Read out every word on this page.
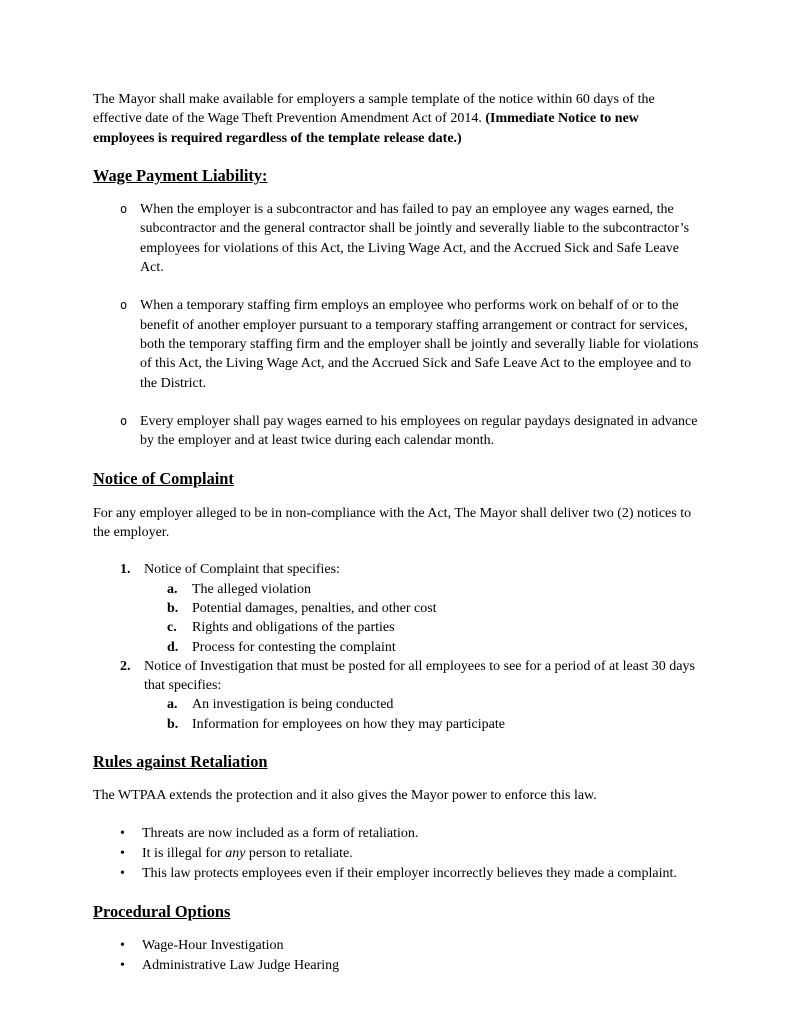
The Mayor shall make available for employers a sample template of the notice within 60 days of the effective date of the Wage Theft Prevention Amendment Act of 2014. (Immediate Notice to new employees is required regardless of the template release date.)

Wage Payment Liability:
o When the employer is a subcontractor and has failed to pay an employee any wages earned, the subcontractor and the general contractor shall be jointly and severally liable to the subcontractor’s employees for violations of this Act, the Living Wage Act, and the Accrued Sick and Safe Leave Act.
o When a temporary staffing firm employs an employee who performs work on behalf of or to the benefit of another employer pursuant to a temporary staffing arrangement or contract for services, both the temporary staffing firm and the employer shall be jointly and severally liable for violations of this Act, the Living Wage Act, and the Accrued Sick and Safe Leave Act to the employee and to the District.
o Every employer shall pay wages earned to his employees on regular paydays designated in advance by the employer and at least twice during each calendar month.
Notice of Complaint

For any employer alleged to be in non-compliance with the Act, The Mayor shall deliver two (2) notices to the employer.

1. Notice of Complaint that specifies:
a.	The alleged violation
b. Potential damages, penalties, and other cost
c.	Rights and obligations of the parties
d. Process for contesting the complaint
2. Notice of Investigation that must be posted for all employees to see for a period of at least 30 days that specifies:
a.	An investigation is being conducted
b. Information for employees on how they may participate
Rules against Retaliation

The WTPAA extends the protection and it also gives the Mayor power to enforce this law.

•	Threats are now included as a form of retaliation.
•	It is illegal for any person to retaliate.
•	This law protects employees even if their employer incorrectly believes they made a complaint.
Procedural Options
•	Wage-Hour Investigation
•	Administrative Law Judge Hearing
